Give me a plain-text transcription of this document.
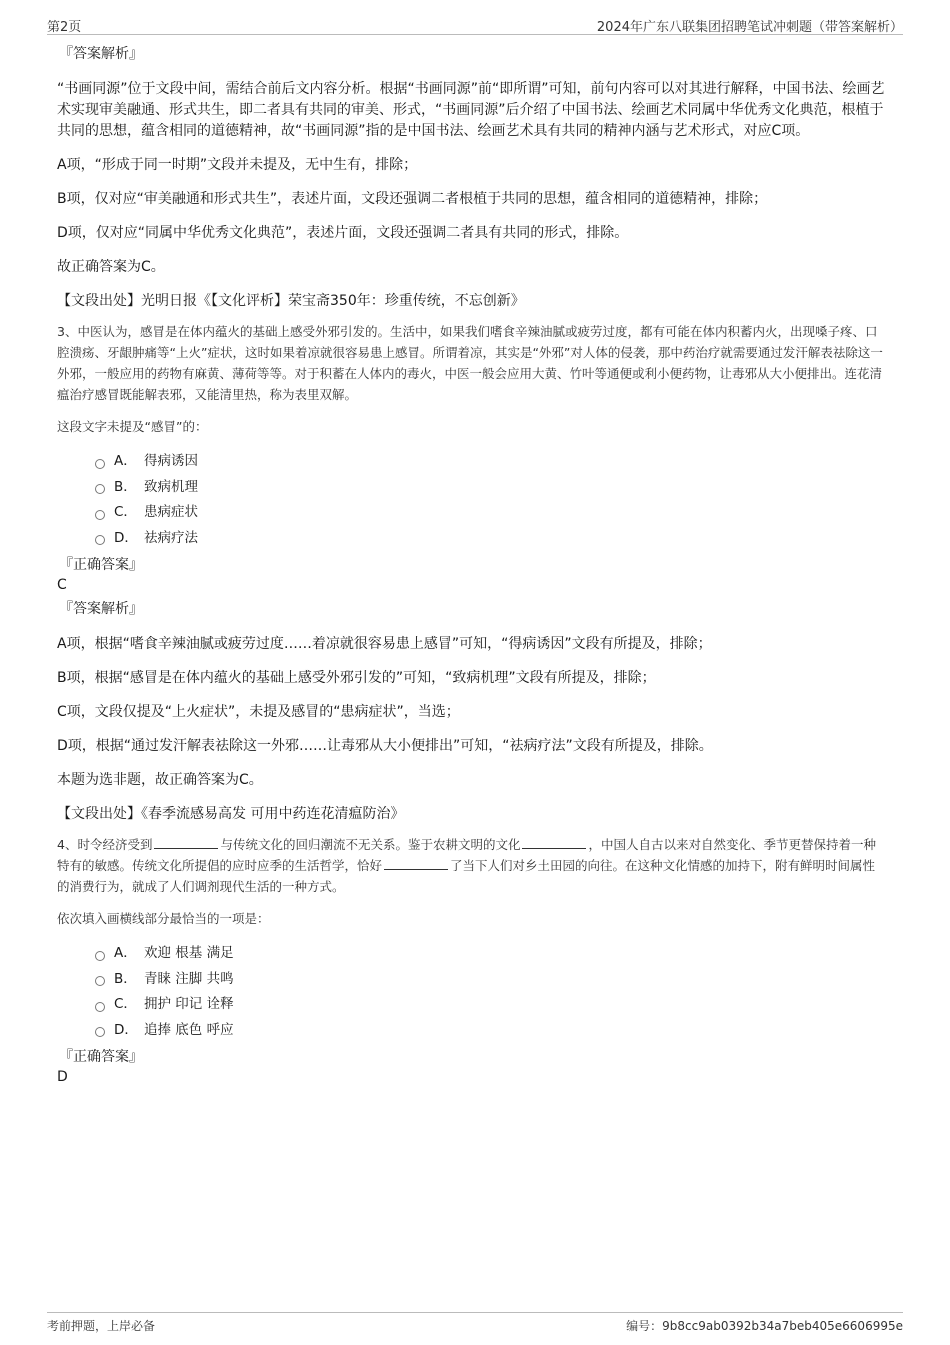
第2页	2024年广东八联集团招聘笔试冲刺题（带答案解析）

『答案解析』

“书画同源”位于文段中间，需结合前后文内容分析。根据“书画同源”前“即所谓”可知，前句内容可以对其进行解释，中国书法、绘画艺术实现审美融通、形式共生，即二者具有共同的审美、形式，“书画同源”后介绍了中国书法、绘画艺术同属中华优秀文化典范，根植于共同的思想，蕴含相同的道德精神，故“书画同源”指的是中国书法、绘画艺术具有共同的精神内涵与艺术形式，对应C项。

A项，“形成于同一时期”文段并未提及，无中生有，排除；

B项，仅对应“审美融通和形式共生”，表述片面，文段还强调二者根植于共同的思想，蕴含相同的道德精神，排除；

D项，仅对应“同属中华优秀文化典范”，表述片面，文段还强调二者具有共同的形式，排除。

故正确答案为C。

【文段出处】光明日报《【文化评析】荣宝斋350年：珍重传统，不忘创新》

3、中医认为，感冒是在体内蕴火的基础上感受外邪引发的。生活中，如果我们嗜食辛辣油腻或疲劳过度，都有可能在体内积蓄内火，出现嗓子疼、口腔溃疡、牙龈肿痛等“上火”症状，这时如果着凉就很容易患上感冒。所谓着凉，其实是“外邪”对人体的侵袭，那中药治疗就需要通过发汗解表祛除这一外邪，一般应用的药物有麻黄、薄荷等等。对于积蓄在人体内的毒火，中医一般会应用大黄、竹叶等通便或利小便药物，让毒邪从大小便排出。连花清瘟治疗感冒既能解表邪，又能清里热，称为表里双解。

这段文字未提及“感冒”的：

A． 得病诱因
B． 致病机理
C． 患病症状
D． 祛病疗法

『正确答案』

C

『答案解析』

A项，根据“嗜食辛辣油腻或疲劳过度……着凉就很容易患上感冒”可知，“得病诱因”文段有所提及，排除；

B项，根据“感冒是在体内蕴火的基础上感受外邪引发的”可知，“致病机理”文段有所提及，排除；

C项，文段仅提及“上火症状”，未提及感冒的“患病症状”，当选；

D项，根据“通过发汗解表祛除这一外邪……让毒邪从大小便排出”可知，“祛病疗法”文段有所提及，排除。

本题为选非题，故正确答案为C。

【文段出处】《春季流感易高发 可用中药连花清瘟防治》

4、时令经济受到	与传统文化的回归潮流不无关系。鉴于农耕文明的文化	，中国人自古以来对自然变化、季节更替保持着一种特有的敏感。传统文化所提倡的应时应季的生活哲学，恰好	了当下人们对乡土田园的向往。在这种文化情感的加持下，附有鲜明时间属性的消费行为，就成了人们调剂现代生活的一种方式。

依次填入画横线部分最恰当的一项是：

A． 欢迎 根基 满足
B． 青睐 注脚 共鸣
C． 拥护 印记 诠释
D． 追捧 底色 呼应

『正确答案』

D

考前押题，上岸必备	编号：9b8cc9ab0392b34a7beb405e6606995e
